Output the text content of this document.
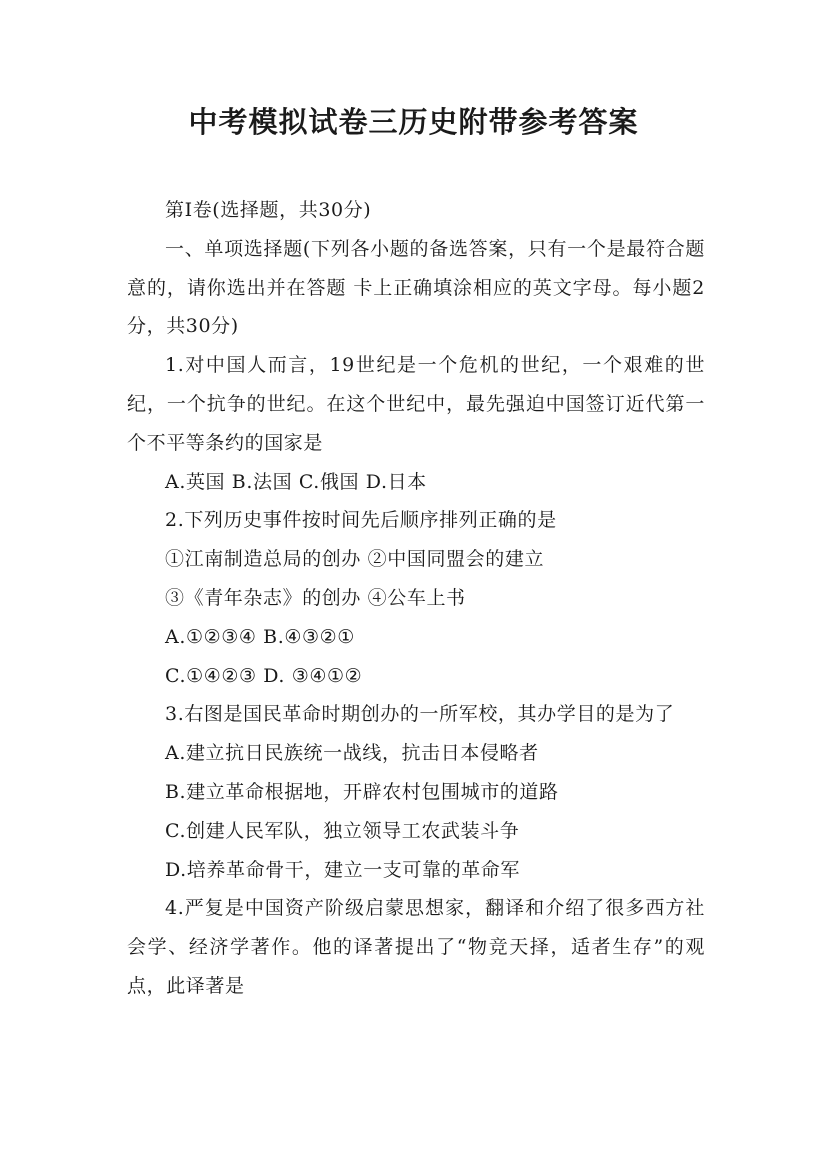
中考模拟试卷三历史附带参考答案

第Ⅰ卷(选择题，共30分)

一、单项选择题(下列各小题的备选答案，只有一个是最符合题意的，请你选出并在答题 卡上正确填涂相应的英文字母。每小题2分，共30分)

1.对中国人而言，19世纪是一个危机的世纪，一个艰难的世纪，一个抗争的世纪。在这个世纪中，最先强迫中国签订近代第一个不平等条约的国家是

A.英国 B.法国 C.俄国 D.日本

2.下列历史事件按时间先后顺序排列正确的是

①江南制造总局的创办 ②中国同盟会的建立

③《青年杂志》的创办 ④公车上书

A.①②③④ B.④③②①

C.①④②③ D. ③④①②

3.右图是国民革命时期创办的一所军校，其办学目的是为了

A.建立抗日民族统一战线，抗击日本侵略者

B.建立革命根据地，开辟农村包围城市的道路

C.创建人民军队，独立领导工农武装斗争

D.培养革命骨干，建立一支可靠的革命军

4.严复是中国资产阶级启蒙思想家，翻译和介绍了很多西方社会学、经济学著作。他的译著提出了“物竞天择，适者生存”的观点，此译著是
